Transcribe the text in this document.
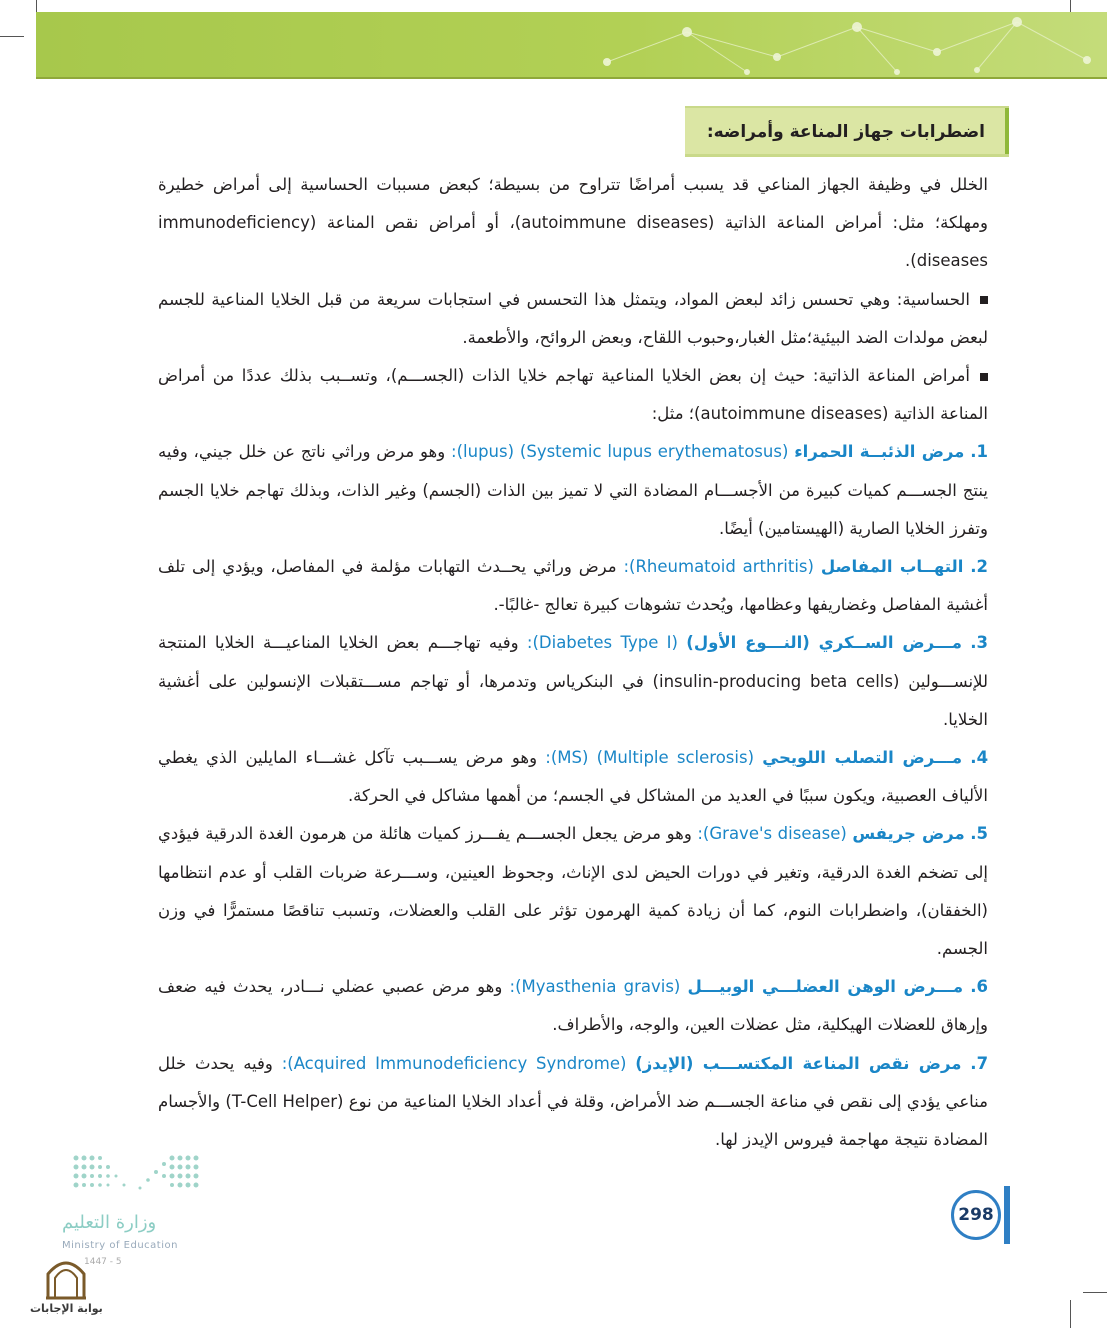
اضطرابات جهاز المناعة وأمراضه:

الخلل في وظيفة الجهاز المناعي قد يسبب أمراضًا تتراوح من بسيطة؛ كبعض مسببات الحساسية إلى أمراض خطيرة ومهلكة؛ مثل: أمراض المناعة الذاتية (autoimmune diseases)، أو أمراض نقص المناعة (immunodeficiency diseases).

الحساسية: وهي تحسس زائد لبعض المواد، ويتمثل هذا التحسس في استجابات سريعة من قبل الخلايا المناعية للجسم لبعض مولدات الضد البيئية؛مثل الغبار،وحبوب اللقاح، وبعض الروائح، والأطعمة.

أمراض المناعة الذاتية: حيث إن بعض الخلايا المناعية تهاجم خلايا الذات (الجســـم)، وتســبب بذلك عددًا من أمراض المناعة الذاتية (autoimmune diseases)؛ مثل:

1. مرض الذئبــة الحمراء (Systemic lupus erythematosus) (lupus): وهو مرض وراثي ناتج عن خلل جيني، وفيه ينتج الجســـم كميات كبيرة من الأجســـام المضادة التي لا تميز بين الذات (الجسم) وغير الذات، وبذلك تهاجم خلايا الجسم وتفرز الخلايا الصارية (الهيستامين) أيضًا.

2. التهــاب المفاصل (Rheumatoid arthritis): مرض وراثي يحــدث التهابات مؤلمة في المفاصل، ويؤدي إلى تلف أغشية المفاصل وغضاريفها وعظامها، ويُحدث تشوهات كبيرة تعالج -غالبًا-.

3. مـــرض الســكري (النـــوع الأول) (Diabetes Type I): وفيه تهاجـــم بعض الخلايا المناعيـــة الخلايا المنتجة للإنســـولين (insulin-producing beta cells) في البنكرياس وتدمرها، أو تهاجم مســـتقبلات الإنسولين على أغشية الخلايا.

4. مـــرض التصلب اللويحي (Multiple sclerosis) (MS): وهو مرض يســـبب تآكل غشـــاء المايلين الذي يغطي الألياف العصبية، ويكون سببًا في العديد من المشاكل في الجسم؛ من أهمها مشاكل في الحركة.

5. مرض جريفس (Grave's disease): وهو مرض يجعل الجســـم يفـــرز كميات هائلة من هرمون الغدة الدرقية فيؤدي إلى تضخم الغدة الدرقية، وتغير في دورات الحيض لدى الإناث، وجحوظ العينين، وســـرعة ضربات القلب أو عدم انتظامها (الخفقان)، واضطرابات النوم، كما أن زيادة كمية الهرمون تؤثر على القلب والعضلات، وتسبب تناقصًا مستمرًّا في وزن الجسم.

6. مـــرض الوهن العضلـــي الوبيـــل (Myasthenia gravis): وهو مرض عصبي عضلي نـــادر، يحدث فيه ضعف وإرهاق للعضلات الهيكلية، مثل عضلات العين، والوجه، والأطراف.

7. مرض نقص المناعة المكتســـب (الإيدز) (Acquired Immunodeficiency Syndrome): وفيه يحدث خلل مناعي يؤدي إلى نقص في مناعة الجســـم ضد الأمراض، وقلة في أعداد الخلايا المناعية من نوع (T-Cell Helper) والأجسام المضادة نتيجة مهاجمة فيروس الإيدز لها.

وزارة التعليم
Ministry of Education
5 - 1447
بوابة الإجابات
298
